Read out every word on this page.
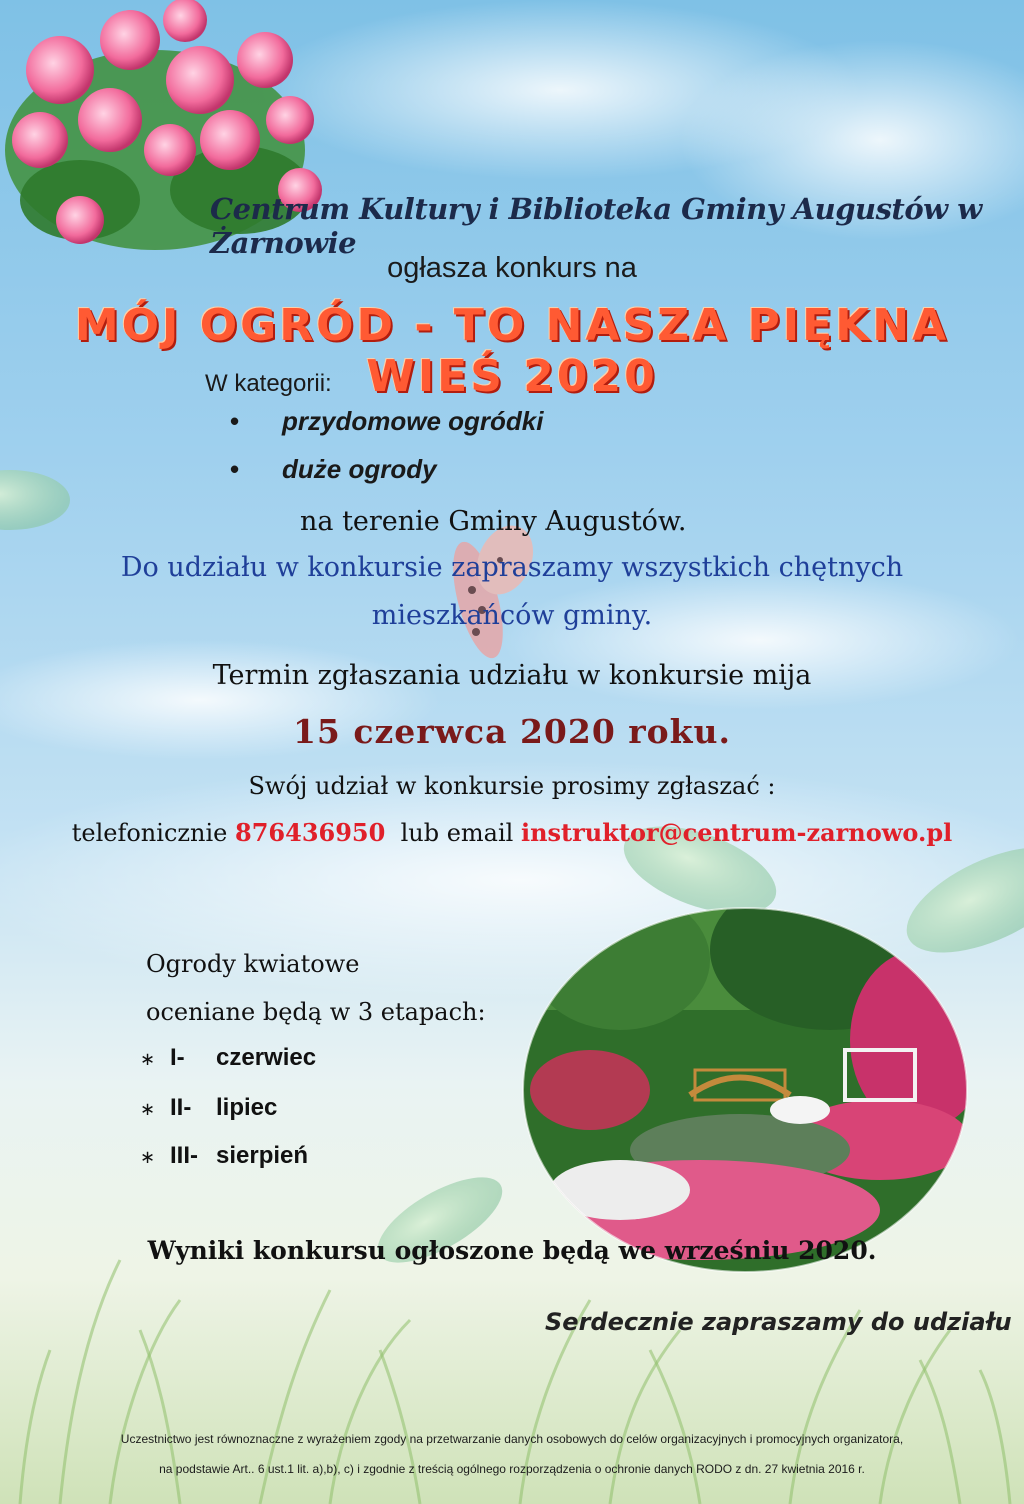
Centrum Kultury i Biblioteka Gminy Augustów w Żarnowie
ogłasza konkurs na
MÓJ OGRÓD - TO NASZA PIĘKNA WIEŚ 2020
W kategorii:
• przydomowe ogródki
• duże ogrody
na terenie Gminy Augustów.
Do udziału w konkursie zapraszamy wszystkich chętnych
mieszkańców gminy.
Termin zgłaszania udziału w konkursie mija
15 czerwca 2020 roku.
Swój udział w konkursie prosimy zgłaszać :
telefonicznie 876436950 lub email instruktor@centrum-zarnowo.pl
Ogrody kwiatowe
oceniane będą w 3 etapach:
∗ I- czerwiec
∗ II- lipiec
∗ III- sierpień
Wyniki konkursu ogłoszone będą we wrześniu 2020.
Serdecznie zapraszamy do udziału
Uczestnictwo jest równoznaczne z wyrażeniem zgody na przetwarzanie danych osobowych do celów organizacyjnych i promocyjnych organizatora,
na podstawie Art.. 6 ust.1 lit. a),b), c) i zgodnie z treścią ogólnego rozporządzenia o ochronie danych RODO z dn. 27 kwietnia 2016 r.
